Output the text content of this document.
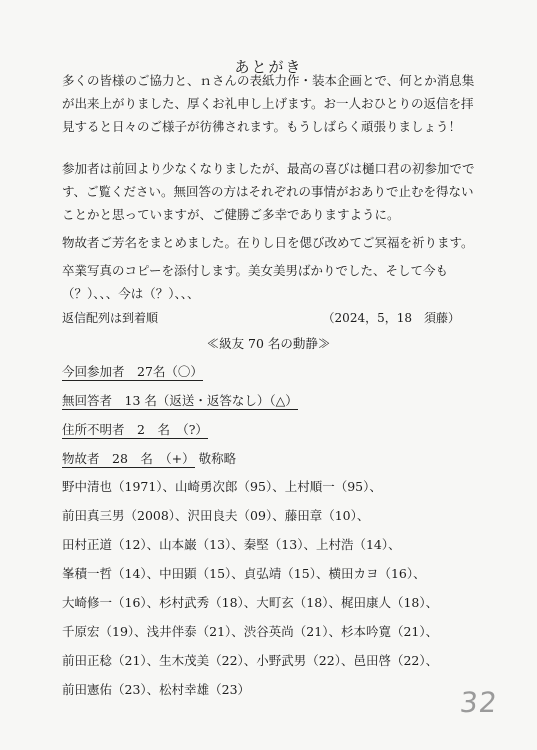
あとがき
多くの皆様のご協力と、ｎさんの表紙力作・装本企画とで、何とか消息集
が出来上がりました、厚くお礼申し上げます。お一人おひとりの返信を拝
見すると日々のご様子が彷彿されます。もうしばらく頑張りましょう！
参加者は前回より少なくなりましたが、最高の喜びは樋口君の初参加でで
す、ご覧ください。無回答の方はそれぞれの事情がおありで止むを得ない
ことかと思っていますが、ご健勝ご多幸でありますように。
物故者ご芳名をまとめました。在りし日を偲び改めてご冥福を祈ります。
卒業写真のコピーを添付します。美女美男ばかりでした、そして今も
（？）、、、今は（？）、、、
返信配列は到着順	（2024，5，18　須藤）
≪級友 70 名の動静≫
今回参加者　27名（〇）
無回答者　13 名（返送・返答なし）（△）
住所不明者　2　名　（?）
物故者　28　名　（+） 敬称略
野中清也（1971）、山崎勇次郎（95）、上村順一（95）、
前田真三男（2008）、沢田良夫（09）、藤田章（10）、
田村正道（12）、山本巌（13）、秦堅（13）、上村浩（14）、
峯積一哲（14）、中田顕（15）、貞弘靖（15）、横田カヨ（16）、
大崎修一（16）、杉村武秀（18）、大町玄（18）、梶田康人（18）、
千原宏（19）、浅井伴泰（21）、渋谷英尚（21）、杉本吟寛（21）、
前田正稔（21）、生木茂美（22）、小野武男（22）、邑田啓（22）、
前田憲佑（23）、松村幸雄（23）	32
